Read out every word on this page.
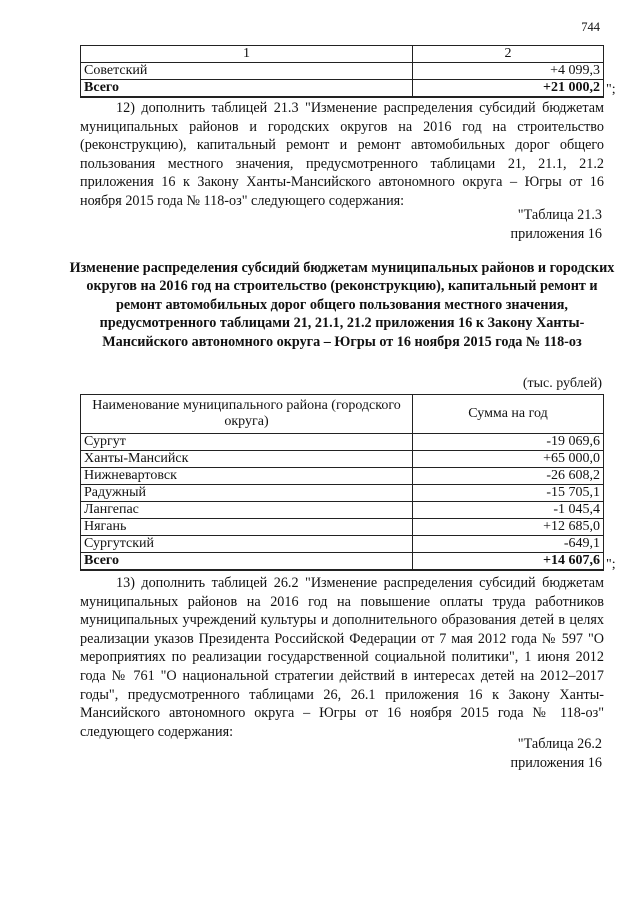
744
1	2
Советский	+4 099,3
Всего	+21 000,2 ";
12) дополнить таблицей 21.3 "Изменение распределения субсидий бюджетам муниципальных районов и городских округов на 2016 год на строительство (реконструкцию), капитальный ремонт и ремонт автомобильных дорог общего пользования местного значения, предусмотренного таблицами 21, 21.1, 21.2 приложения 16 к Закону Ханты-Мансийского автономного округа – Югры от 16 ноября 2015 года № 118-оз" следующего содержания:
"Таблица 21.3
приложения 16
Изменение распределения субсидий бюджетам муниципальных районов и городских округов на 2016 год на строительство (реконструкцию), капитальный ремонт и ремонт автомобильных дорог общего пользования местного значения, предусмотренного таблицами 21, 21.1, 21.2 приложения 16 к Закону Ханты-Мансийского автономного округа – Югры от 16 ноября 2015 года № 118-оз
(тыс. рублей)
Наименование муниципального района (городского округа)	Сумма на год
Сургут	-19 069,6
Ханты-Мансийск	+65 000,0
Нижневартовск	-26 608,2
Радужный	-15 705,1
Лангепас	-1 045,4
Нягань	+12 685,0
Сургутский	-649,1
Всего	+14 607,6 ";
13) дополнить таблицей 26.2 "Изменение распределения субсидий бюджетам муниципальных районов на 2016 год на повышение оплаты труда работников муниципальных учреждений культуры и дополнительного образования детей в целях реализации указов Президента Российской Федерации от 7 мая 2012 года № 597 "О мероприятиях по реализации государственной социальной политики", 1 июня 2012 года № 761 "О национальной стратегии действий в интересах детей на 2012–2017 годы", предусмотренного таблицами 26, 26.1 приложения 16 к Закону Ханты-Мансийского автономного округа – Югры от 16 ноября 2015 года № 118-оз" следующего содержания:
"Таблица 26.2
приложения 16
